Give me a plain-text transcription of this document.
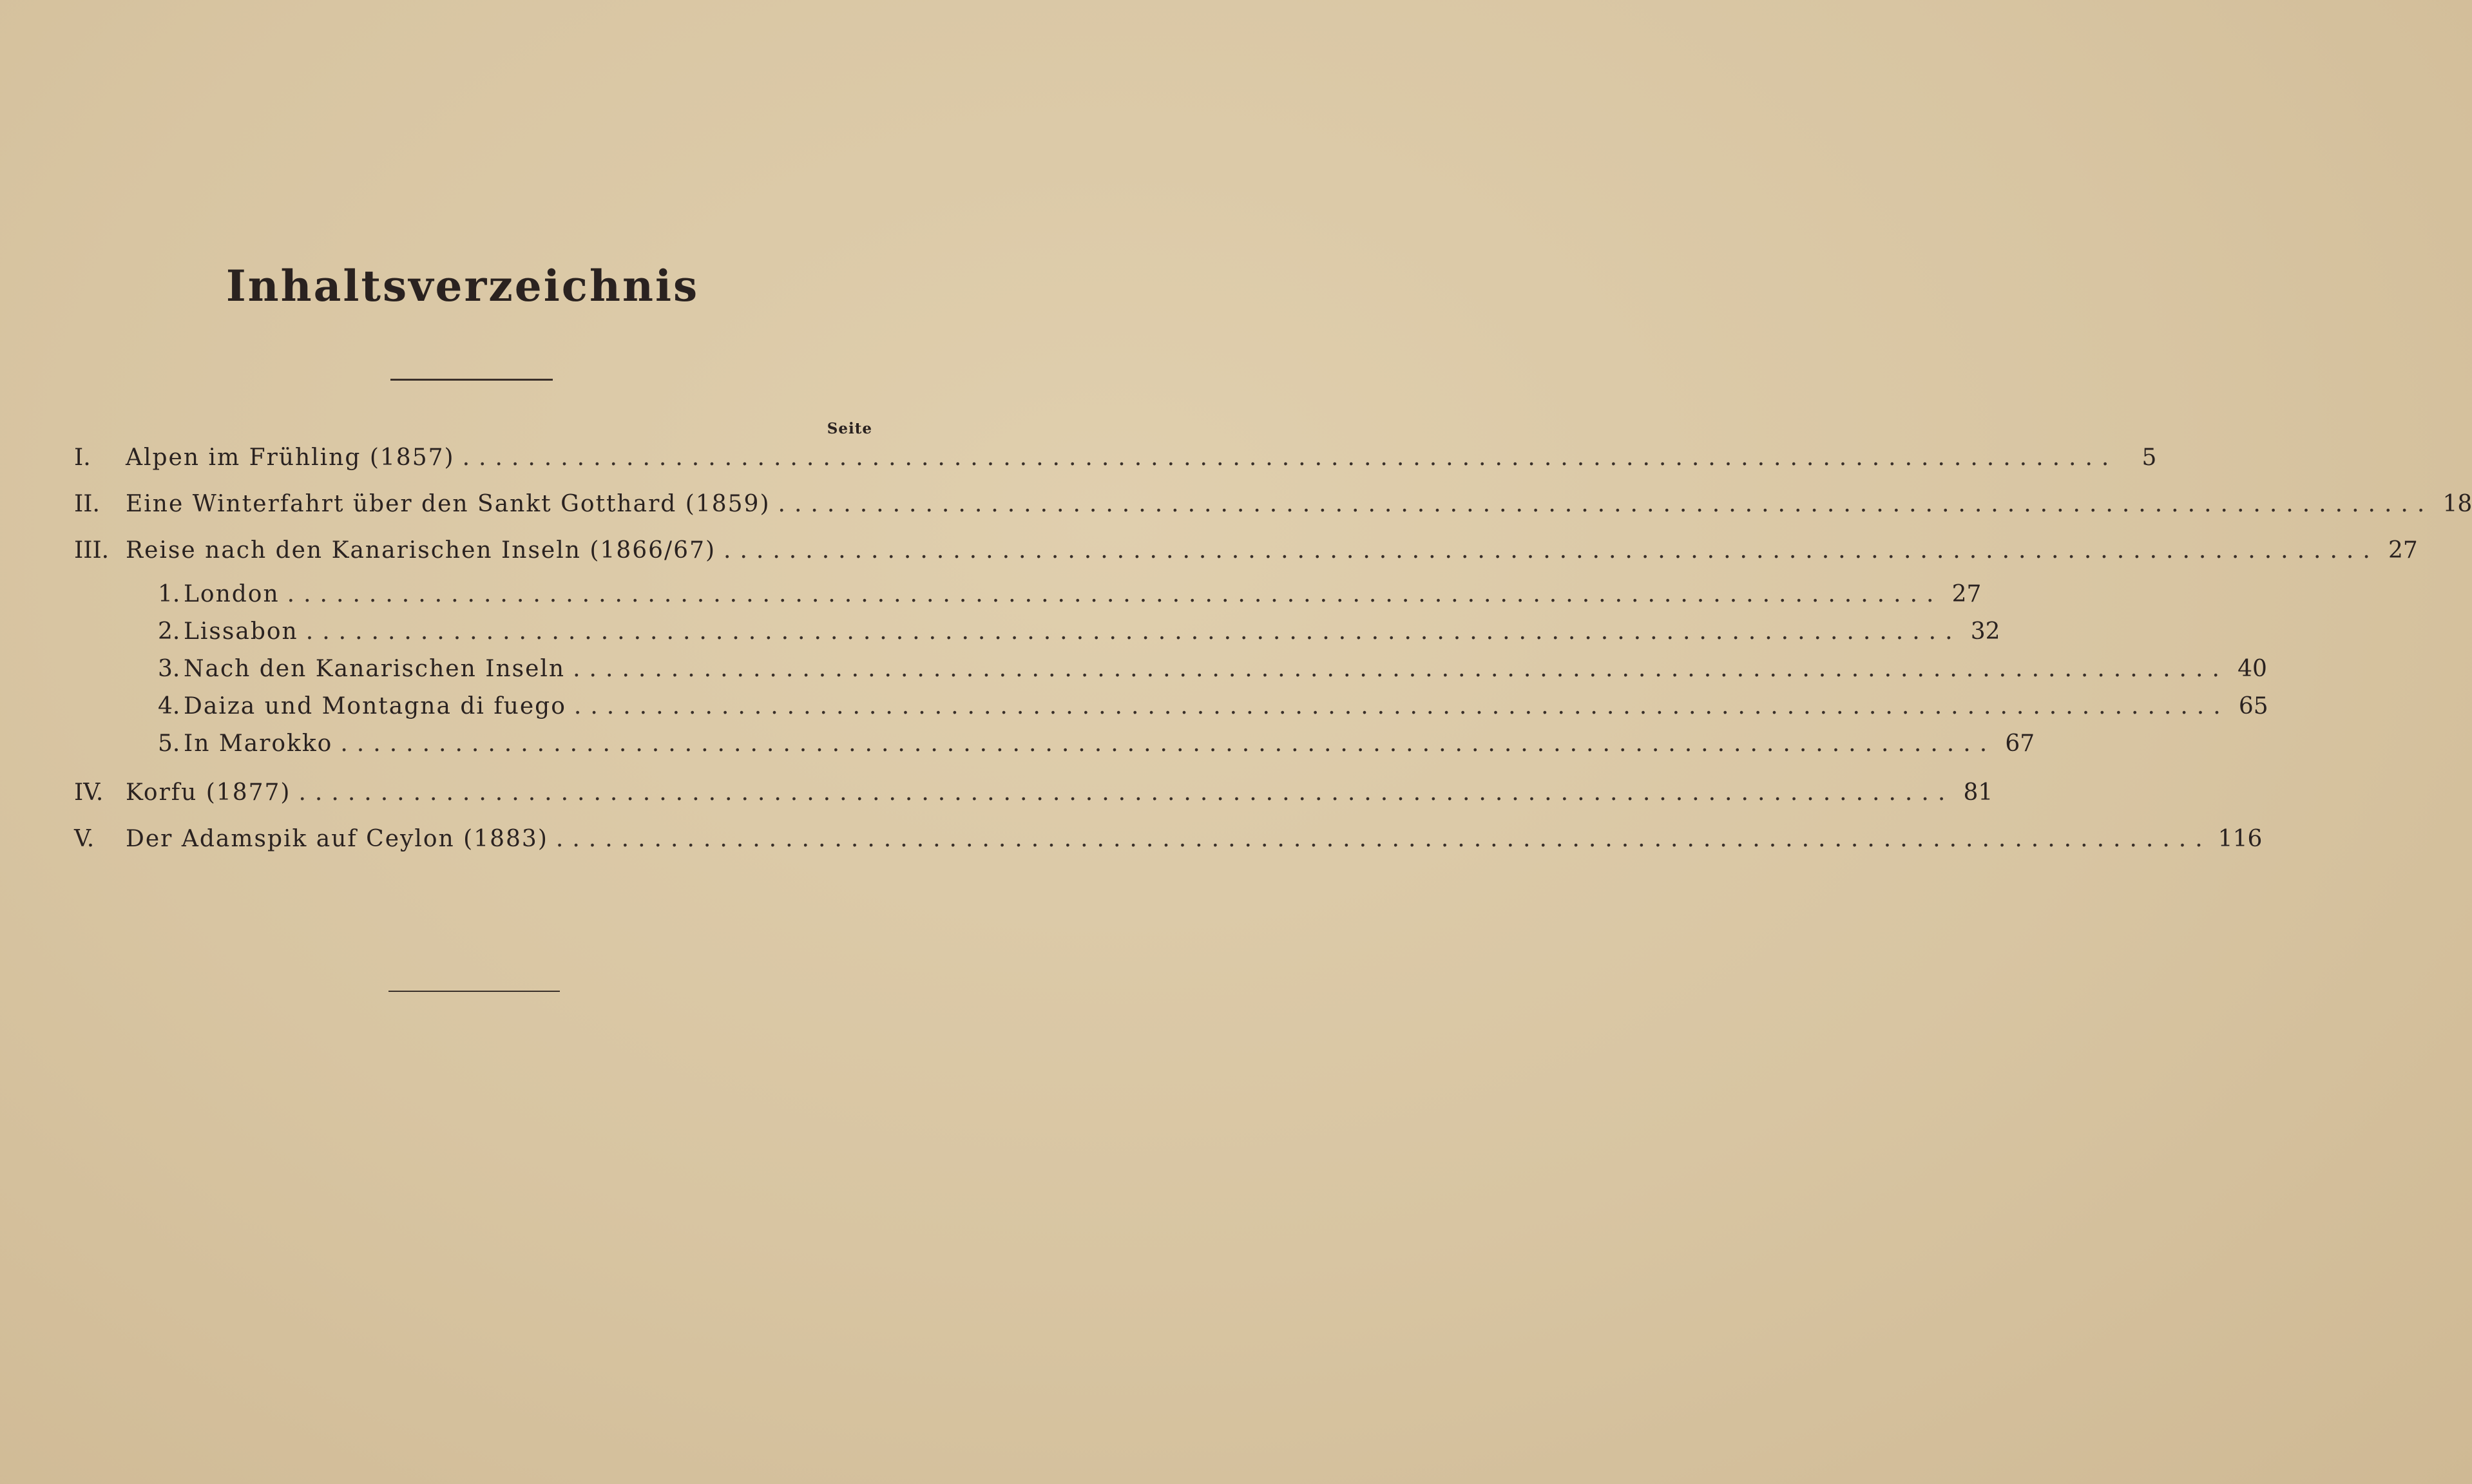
Inhaltsverzeichnis
Seite
I.	Alpen im Frühling (1857) .....................................................................................................	5
II.	Eine Winterfahrt über den Sankt Gotthard (1859) ..................................................................................................... 18
III. Reise nach den Kanarischen Inseln (1866/67) ..................................................................................................... 27
1. London ..................................................................................................... 27
2. Lissabon ..................................................................................................... 32
3. Nach den Kanarischen Inseln ..................................................................................................... 40
4. Daiza und Montagna di fuego ..................................................................................................... 65
5. In Marokko ..................................................................................................... 67
IV. Korfu (1877) ..................................................................................................... 81
V.	Der Adamspik auf Ceylon (1883) ..................................................................................................... 116
